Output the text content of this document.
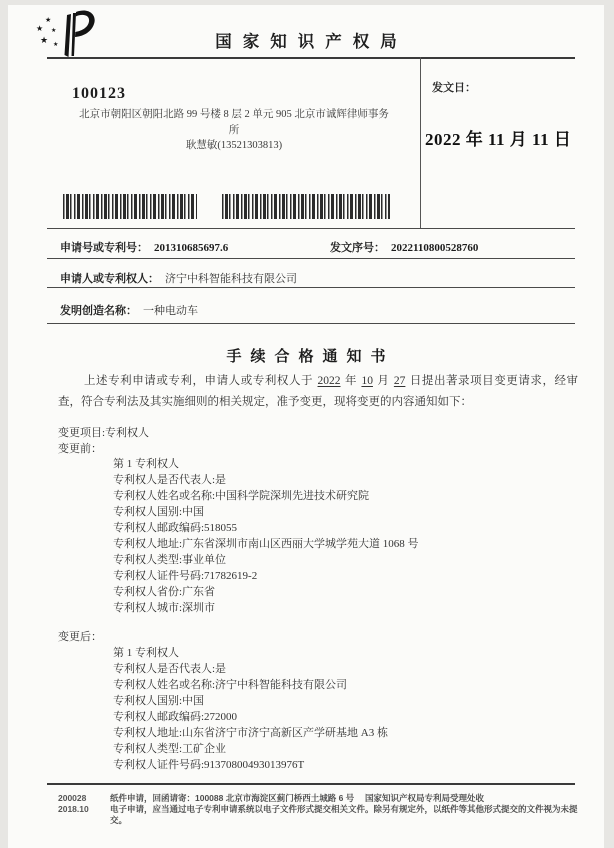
★
★
★
★ ★	国家知识产权局
100123
北京市朝阳区朝阳北路 99 号楼 8 层 2 单元 905 北京市诚辉律师事务
所
耿慧敏(13521303813)
发文日：
2022 年 11 月 11 日
申请号或专利号： 201310685697.6	发文序号： 2022110800528760
申请人或专利权人： 济宁中科智能科技有限公司
发明创造名称： 一种电动车
手续合格通知书
上述专利申请或专利，申请人或专利权人于 2022 年 10 月 27 日提出著录项目变更请求，经审查，符合专利法及其实施细则的相关规定，准予变更，现将变更的内容通知如下：
变更项目:专利权人
变更前：
第 1 专利权人
专利权人是否代表人:是
专利权人姓名或名称:中国科学院深圳先进技术研究院
专利权人国别:中国
专利权人邮政编码:518055
专利权人地址:广东省深圳市南山区西丽大学城学苑大道 1068 号
专利权人类型:事业单位
专利权人证件号码:71782619-2
专利权人省份:广东省
专利权人城市:深圳市
变更后：
第 1 专利权人
专利权人是否代表人:是
专利权人姓名或名称:济宁中科智能科技有限公司
专利权人国别:中国
专利权人邮政编码:272000
专利权人地址:山东省济宁市济宁高新区产学研基地 A3 栋
专利权人类型:工矿企业
专利权人证件号码:91370800493013976T
200028
2018.10
纸件申请，回函请寄：100088 北京市海淀区蓟门桥西土城路 6 号　 国家知识产权局专利局受理处收
电子申请，应当通过电子专利申请系统以电子文件形式提交相关文件。除另有规定外，以纸件等其他形式提交的文件视为未提交。
